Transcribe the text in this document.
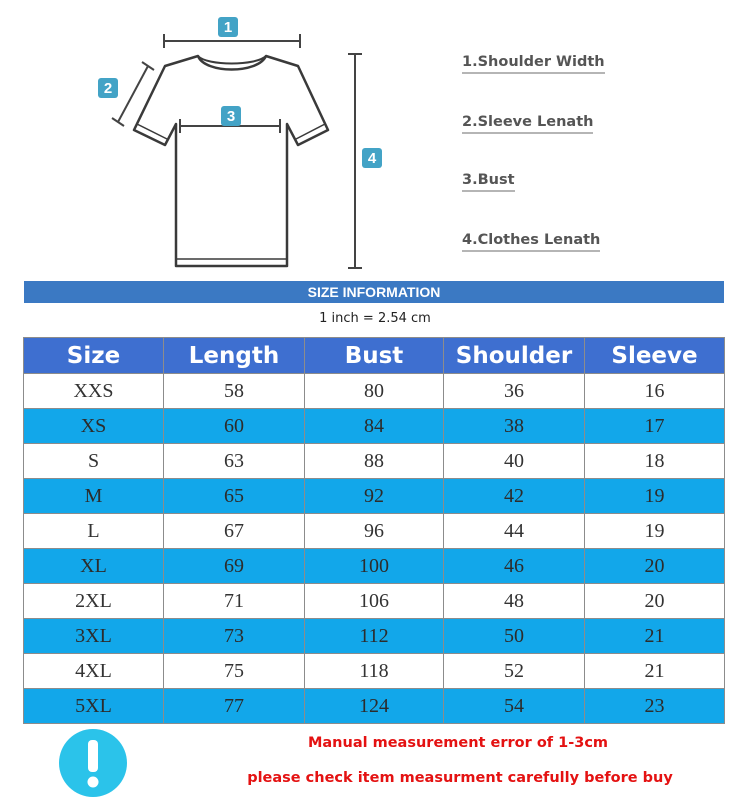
1
2
3
4
1.Shoulder Width
2.Sleeve Lenath
3.Bust
4.Clothes Lenath
SIZE INFORMATION
1 inch = 2.54 cm
Size	Length	Bust	Shoulder	Sleeve
XXS	58	80	36	16
XS	60	84	38	17
S	63	88	40	18
M	65	92	42	19
L	67	96	44	19
XL	69	100	46	20
2XL	71	106	48	20
3XL	73	112	50	21
4XL	75	118	52	21
5XL	77	124	54	23
Manual measurement error of 1-3cm
please check item measurment carefully before buy
